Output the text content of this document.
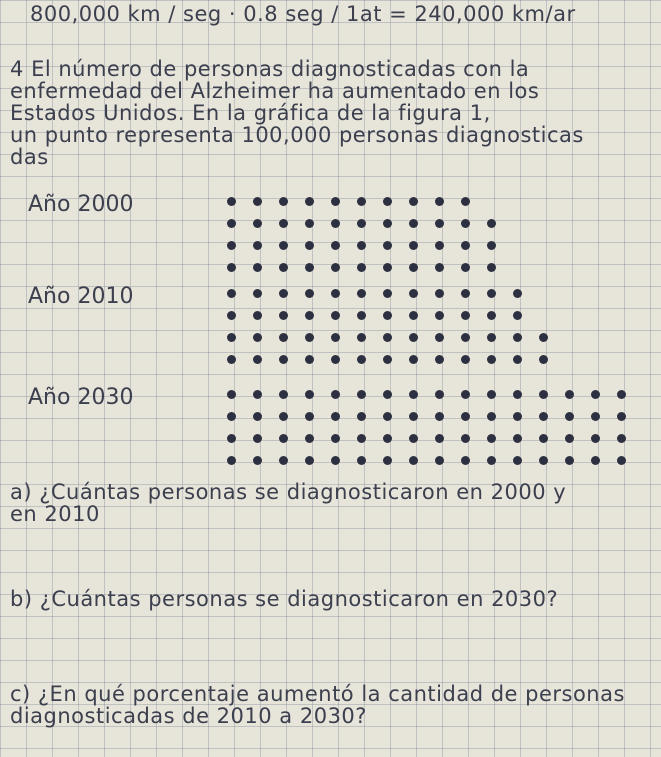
800,000 km / seg · 0.8 seg / 1at = 240,000 km/ar
4 El número de personas diagnosticadas con la
enfermedad del Alzheimer ha aumentado en los
Estados Unidos. En la gráfica de la figura 1,
un punto representa 100,000 personas diagnosticas
das
Año 2000
Año 2010
Año 2030
a) ¿Cuántas personas se diagnosticaron en 2000 y
en 2010
b) ¿Cuántas personas se diagnosticaron en 2030?
c) ¿En qué porcentaje aumentó la cantidad de personas
diagnosticadas de 2010 a 2030?
